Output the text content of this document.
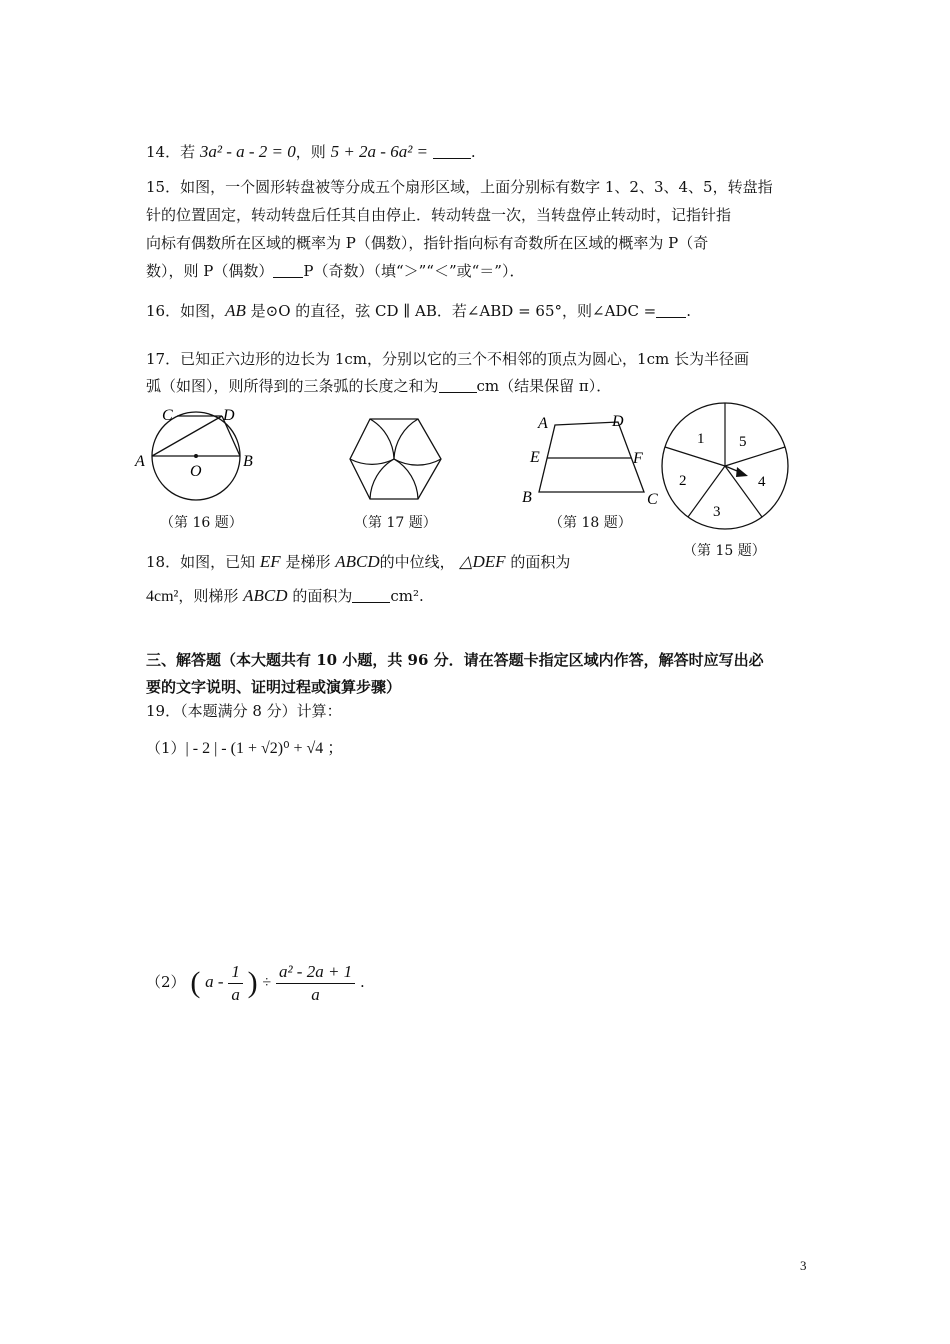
14．若 3a² - a - 2 = 0，则 5 + 2a - 6a² =	.
15．如图，一个圆形转盘被等分成五个扇形区域，上面分别标有数字 1、2、3、4、5，转盘指
针的位置固定，转动转盘后任其自由停止．转动转盘一次，当转盘停止转动时，记指针指
向标有偶数所在区域的概率为 P（偶数），指针指向标有奇数所在区域的概率为 P（奇
数），则 P（偶数） P（奇数）（填“＞”“＜”或“＝”）．
16．如图，AB 是⊙O 的直径，弦 CD ∥ AB．若∠ABD = 65°，则∠ADC = .
17．已知正六边形的边长为 1cm，分别以它的三个不相邻的顶点为圆心，1cm 长为半径画
弧（如图），则所得到的三条弧的长度之和为	cm（结果保留 π）．
A	B
C	D
O
（第 16 题）	（第 17 题）
A	D
E	F
B	C
（第 18 题）
1 5
4
3
2
（第 15 题）
18．如图，已知 EF 是梯形 ABCD的中位线， △DEF 的面积为
4cm²，则梯形 ABCD 的面积为	cm².
三、解答题（本大题共有 10 小题，共 96 分．请在答题卡指定区域内作答，解答时应写出必
要的文字说明、证明过程或演算步骤）
19．（本题满分 8 分）计算：
（1）| - 2 | - (1 + √2)⁰ + √4 ；
（2） ( a - $\frac{1}{a}$ ) ÷ $\frac{\text{a² - 2a + 1}}{a}$ .
3
